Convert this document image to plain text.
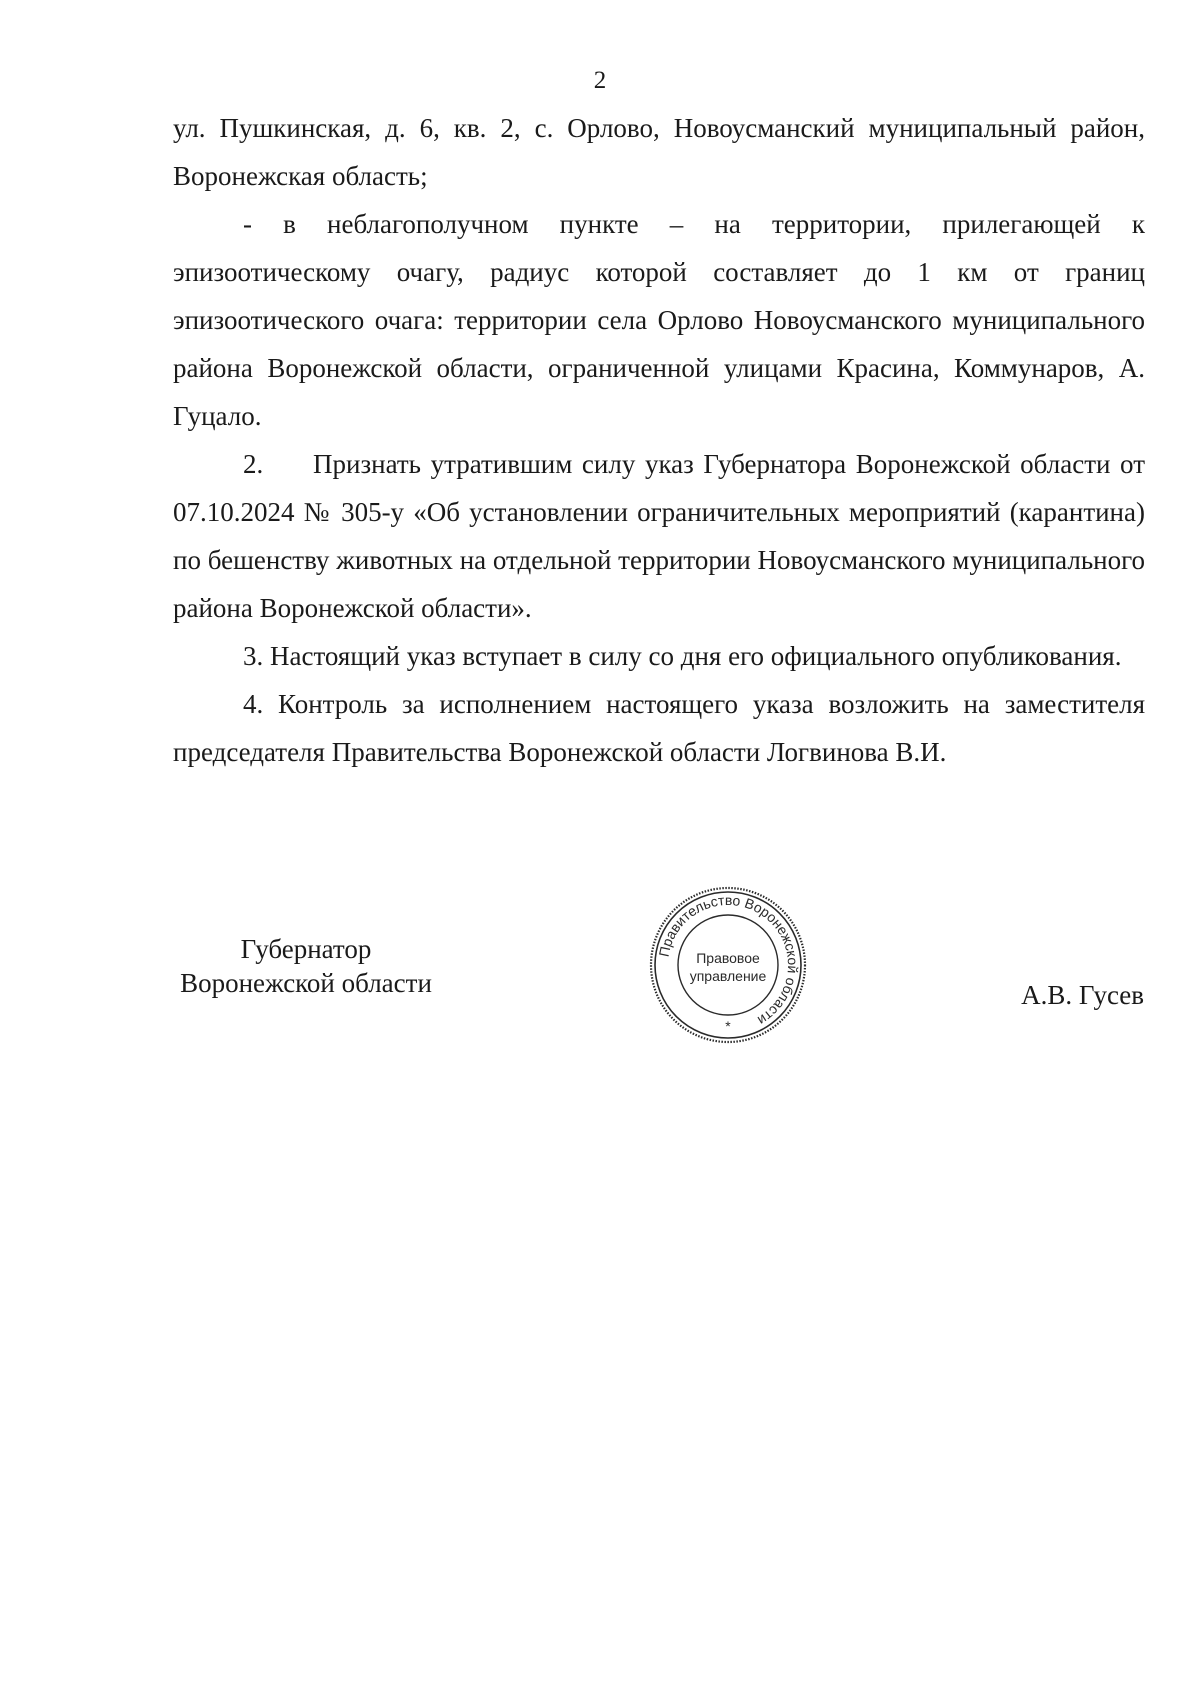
2

ул. Пушкинская, д. 6, кв. 2, с. Орлово, Новоусманский муниципальный район, Воронежская область;

- в неблагополучном пункте – на территории, прилегающей к эпизоотическому очагу, радиус которой составляет до 1 км от границ эпизоотического очага: территории села Орлово Новоусманского муниципального района Воронежской области, ограниченной улицами Красина, Коммунаров, А. Гуцало.

2. Признать утратившим силу указ Губернатора Воронежской области от 07.10.2024 № 305-у «Об установлении ограничительных мероприятий (карантина) по бешенству животных на отдельной территории Новоусманского муниципального района Воронежской области».

3. Настоящий указ вступает в силу со дня его официального опубликования.

4. Контроль за исполнением настоящего указа возложить на заместителя председателя Правительства Воронежской области Логвинова В.И.

Губернатор
Воронежской области
Правительство Воронежской области
Правовое
управление
*
А.В. Гусев
